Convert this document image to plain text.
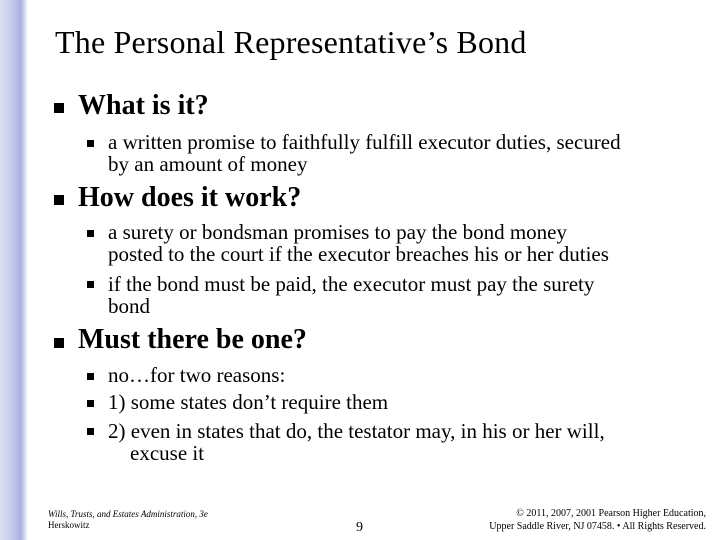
The Personal Representative’s Bond
What is it?
a written promise to faithfully fulfill executor duties, secured
by an amount of money
How does it work?
a surety or bondsman promises to pay the bond money
posted to the court if the executor breaches his or her duties
if the bond must be paid, the executor must pay the surety
bond
Must there be one?
no…for two reasons:
1) some states don’t require them
2) even in states that do, the testator may, in his or her will,
excuse it
Wills, Trusts, and Estates Administration, 3e
Herskowitz	9
© 2011, 2007, 2001 Pearson Higher Education,
Upper Saddle River, NJ 07458. • All Rights Reserved.
